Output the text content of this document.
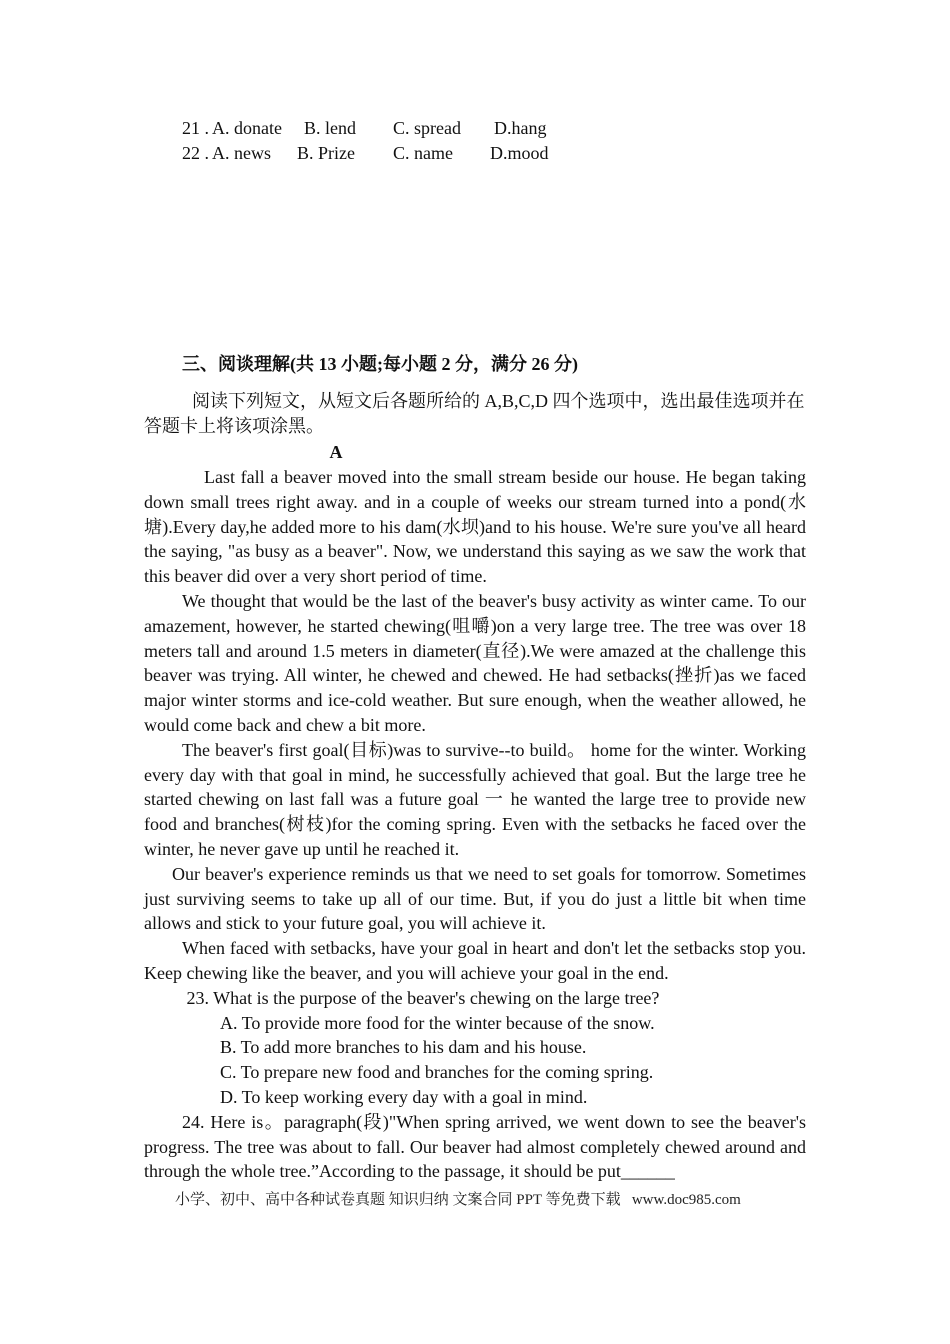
21 . A. donate B. lend C. spread D.hang
22 . A. news B. Prize C. name D.mood
三、阅谈理解(共 13 小题;每小题 2 分，满分 26 分)

阅读下列短文，从短文后各题所给的 A,B,C,D 四个选项中，选出最佳选项并在答题卡上将该项涂黑。

A

Last fall a beaver moved into the small stream beside our house. He began taking down small trees right away. and in a couple of weeks our stream turned into a pond(水塘).Every day,he added more to his dam(水坝)and to his house. We're sure you've all heard the saying, "as busy as a beaver". Now, we understand this saying as we saw the work that this beaver did over a very short period of time.

We thought that would be the last of the beaver's busy activity as winter came. To our amazement, however, he started chewing(咀嚼)on a very large tree. The tree was over 18 meters tall and around 1.5 meters in diameter(直径).We were amazed at the challenge this beaver was trying. All winter, he chewed and chewed. He had setbacks(挫折)as we faced major winter storms and ice-cold weather. But sure enough, when the weather allowed, he would come back and chew a bit more.

The beaver's first goal(目标)was to survive--to build。 home for the winter. Working every day with that goal in mind, he successfully achieved that goal. But the large tree he started chewing on last fall was a future goal 一 he wanted the large tree to provide new food and branches(树枝)for the coming spring. Even with the setbacks he faced over the winter, he never gave up until he reached it.

Our beaver's experience reminds us that we need to set goals for tomorrow. Sometimes just surviving seems to take up all of our time. But, if you do just a little bit when time allows and stick to your future goal, you will achieve it.

When faced with setbacks, have your goal in heart and don't let the setbacks stop you. Keep chewing like the beaver, and you will achieve your goal in the end.

23. What is the purpose of the beaver's chewing on the large tree?

A. To provide more food for the winter because of the snow.

B. To add more branches to his dam and his house.

C. To prepare new food and branches for the coming spring.

D. To keep working every day with a goal in mind.

24. Here is。paragraph(段)"When spring arrived, we went down to see the beaver's progress. The tree was about to fall. Our beaver had almost completely chewed around and through the whole tree.”According to the passage, it should be put______

小学、初中、高中各种试卷真题 知识归纳 文案合同 PPT 等免费下载   www.doc985.com
